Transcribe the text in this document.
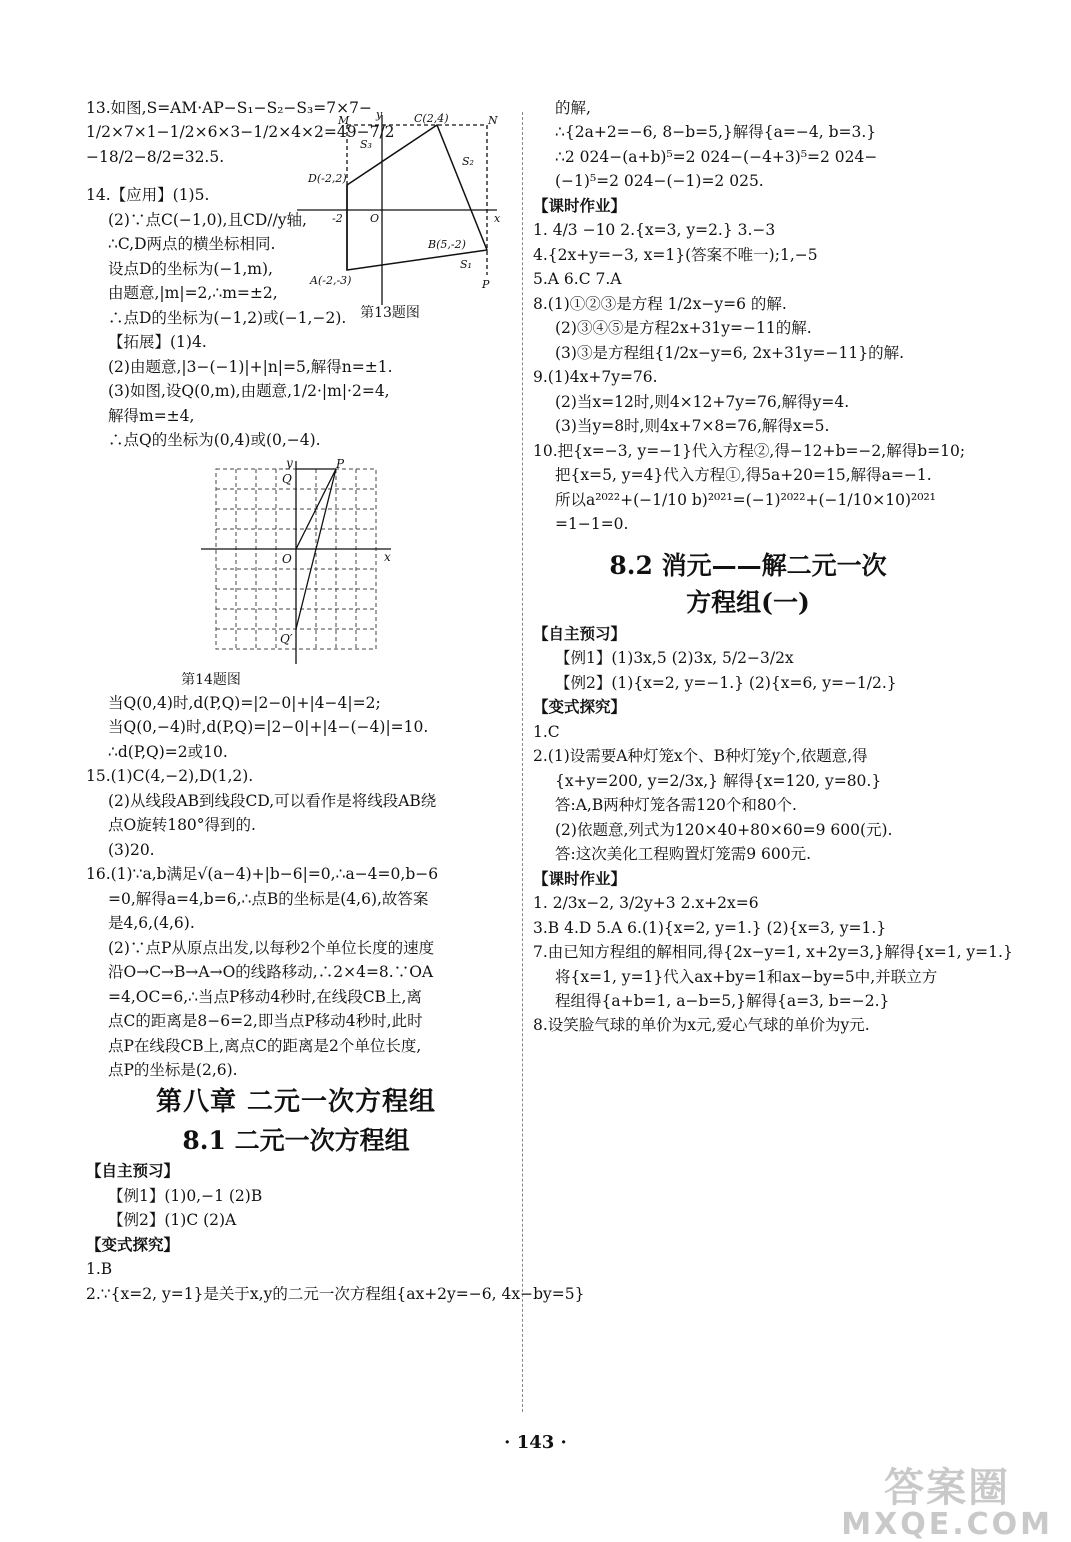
13.如图,S=AM·AP−S₁−S₂−S₃=7×7−
1/2×7×1−1/2×6×3−1/2×4×2=49−7/2
−18/2−8/2=32.5.
14.【应用】(1)5.
(2)∵点C(−1,0),且CD//y轴,
∴C,D两点的横坐标相同.
设点D的坐标为(−1,m),
由题意,|m|=2,∴m=±2,
∴点D的坐标为(−1,2)或(−1,−2).
【拓展】(1)4.
(2)由题意,|3−(−1)|+|n|=5,解得n=±1.
(3)如图,设Q(0,m),由题意,1/2·|m|·2=4,
解得m=±4,
∴点Q的坐标为(0,4)或(0,−4).
y
x
O
P
Q
Q′
第14题图
当Q(0,4)时,d(P,Q)=|2−0|+|4−4|=2;
当Q(0,−4)时,d(P,Q)=|2−0|+|4−(−4)|=10.
∴d(P,Q)=2或10.
15.(1)C(4,−2),D(1,2).
(2)从线段AB到线段CD,可以看作是将线段AB绕
点O旋转180°得到的.
(3)20.
16.(1)∵a,b满足√(a−4)+|b−6|=0,∴a−4=0,b−6
=0,解得a=4,b=6,∴点B的坐标是(4,6),故答案
是4,6,(4,6).
(2)∵点P从原点出发,以每秒2个单位长度的速度
沿O→C→B→A→O的线路移动,∴2×4=8.∵OA
=4,OC=6,∴当点P移动4秒时,在线段CB上,离
点C的距离是8−6=2,即当点P移动4秒时,此时
点P在线段CB上,离点C的距离是2个单位长度,
点P的坐标是(2,6).
第八章 二元一次方程组
8.1 二元一次方程组
【自主预习】
【例1】(1)0,−1 (2)B
【例2】(1)C (2)A
【变式探究】
1.B
2.∵{x=2, y=1}是关于x,y的二元一次方程组{ax+2y=−6, 4x−by=5}
M	N
P
y
x
O
C(2,4)
D(-2,2)
B(5,-2)
A(-2,-3)
S₁
S₂
S₃
-2
第13题图
的解,
∴{2a+2=−6, 8−b=5,}解得{a=−4, b=3.}
∴2 024−(a+b)⁵=2 024−(−4+3)⁵=2 024−
(−1)⁵=2 024−(−1)=2 025.
【课时作业】
1. 4/3 −10 2.{x=3, y=2.} 3.−3
4.{2x+y=−3, x=1}(答案不唯一);1,−5
5.A 6.C 7.A
8.(1)①②③是方程 1/2x−y=6 的解.
(2)③④⑤是方程2x+31y=−11的解.
(3)③是方程组{1/2x−y=6, 2x+31y=−11}的解.
9.(1)4x+7y=76.
(2)当x=12时,则4×12+7y=76,解得y=4.
(3)当y=8时,则4x+7×8=76,解得x=5.
10.把{x=−3, y=−1}代入方程②,得−12+b=−2,解得b=10;
把{x=5, y=4}代入方程①,得5a+20=15,解得a=−1.
所以a²⁰²²+(−1/10 b)²⁰²¹=(−1)²⁰²²+(−1/10×10)²⁰²¹
=1−1=0.
8.2 消元——解二元一次
方程组(一)
【自主预习】
【例1】(1)3x,5 (2)3x, 5/2−3/2x
【例2】(1){x=2, y=−1.} (2){x=6, y=−1/2.}
【变式探究】
1.C
2.(1)设需要A种灯笼x个、B种灯笼y个,依题意,得
{x+y=200, y=2/3x,} 解得{x=120, y=80.}
答:A,B两种灯笼各需120个和80个.
(2)依题意,列式为120×40+80×60=9 600(元).
答:这次美化工程购置灯笼需9 600元.
【课时作业】
1. 2/3x−2, 3/2y+3 2.x+2x=6
3.B 4.D 5.A 6.(1){x=2, y=1.} (2){x=3, y=1.}
7.由已知方程组的解相同,得{2x−y=1, x+2y=3,}解得{x=1, y=1.}
将{x=1, y=1}代入ax+by=1和ax−by=5中,并联立方
程组得{a+b=1, a−b=5,}解得{a=3, b=−2.}
8.设笑脸气球的单价为x元,爱心气球的单价为y元.
· 143 ·
答案圈
MXQE.COM
